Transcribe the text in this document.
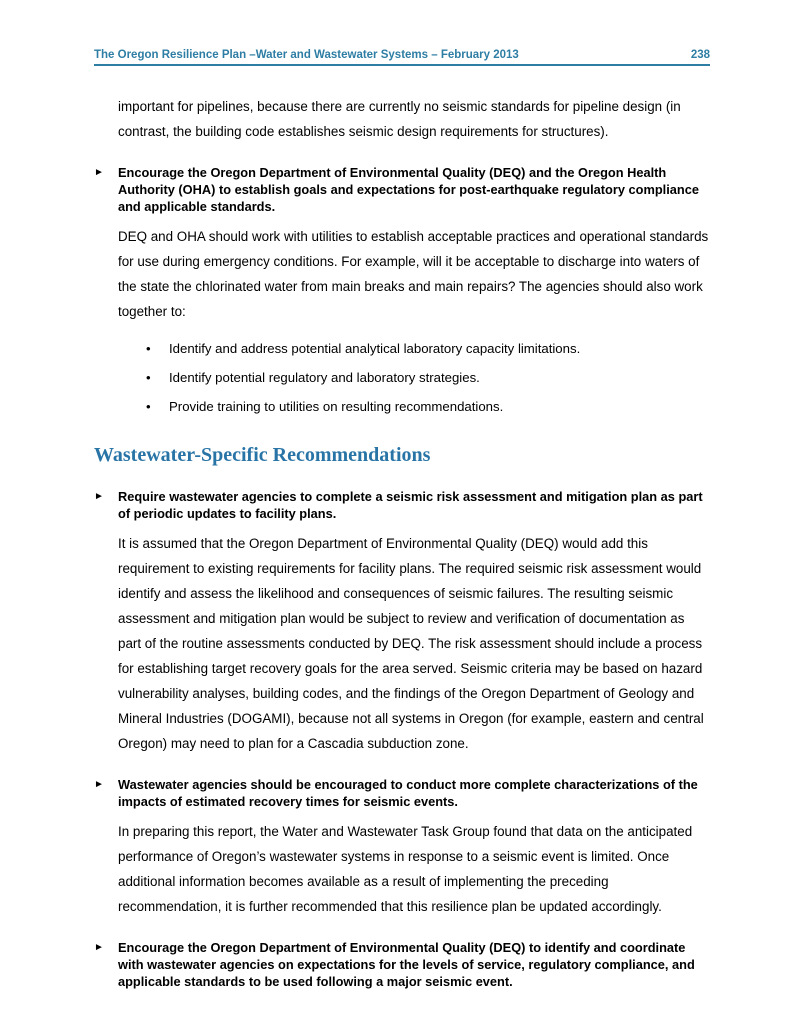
The Oregon Resilience Plan –Water and Wastewater Systems – February 2013	238

important for pipelines, because there are currently no seismic standards for pipeline design (in contrast, the building code establishes seismic design requirements for structures).

►	Encourage the Oregon Department of Environmental Quality (DEQ) and the Oregon Health Authority (OHA) to establish goals and expectations for post-earthquake regulatory compliance and applicable standards.

DEQ and OHA should work with utilities to establish acceptable practices and operational standards for use during emergency conditions. For example, will it be acceptable to discharge into waters of the state the chlorinated water from main breaks and main repairs? The agencies should also work together to:

•	Identify and address potential analytical laboratory capacity limitations.
•	Identify potential regulatory and laboratory strategies.
•	Provide training to utilities on resulting recommendations.
Wastewater-Specific Recommendations
►	Require wastewater agencies to complete a seismic risk assessment and mitigation plan as part of periodic updates to facility plans.

It is assumed that the Oregon Department of Environmental Quality (DEQ) would add this requirement to existing requirements for facility plans. The required seismic risk assessment would identify and assess the likelihood and consequences of seismic failures. The resulting seismic assessment and mitigation plan would be subject to review and verification of documentation as part of the routine assessments conducted by DEQ. The risk assessment should include a process for establishing target recovery goals for the area served. Seismic criteria may be based on hazard vulnerability analyses, building codes, and the findings of the Oregon Department of Geology and Mineral Industries (DOGAMI), because not all systems in Oregon (for example, eastern and central Oregon) may need to plan for a Cascadia subduction zone.

►	Wastewater agencies should be encouraged to conduct more complete characterizations of the impacts of estimated recovery times for seismic events.

In preparing this report, the Water and Wastewater Task Group found that data on the anticipated performance of Oregon’s wastewater systems in response to a seismic event is limited. Once additional information becomes available as a result of implementing the preceding recommendation, it is further recommended that this resilience plan be updated accordingly.

►	Encourage the Oregon Department of Environmental Quality (DEQ) to identify and coordinate with wastewater agencies on expectations for the levels of service, regulatory compliance, and applicable standards to be used following a major seismic event.
